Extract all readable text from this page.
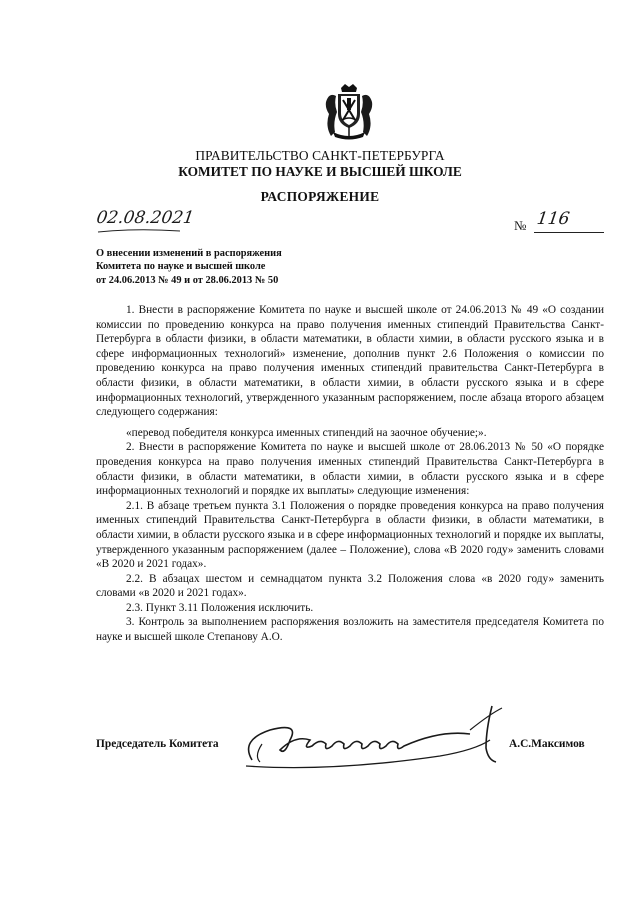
ПРАВИТЕЛЬСТВО САНКТ-ПЕТЕРБУРГА
КОМИТЕТ ПО НАУКЕ И ВЫСШЕЙ ШКОЛЕ
РАСПОРЯЖЕНИЕ
02.08.2021	№ 116
О внесении изменений в распоряжения
Комитета по науке и высшей школе
от 24.06.2013 № 49 и от 28.06.2013 № 50

1. Внести в распоряжение Комитета по науке и высшей школе от 24.06.2013 № 49 «О создании комиссии по проведению конкурса на право получения именных стипендий Правительства Санкт-Петербурга в области физики, в области математики, в области химии, в области русского языка и в сфере информационных технологий» изменение, дополнив пункт 2.6 Положения о комиссии по проведению конкурса на право получения именных стипендий правительства Санкт-Петербурга в области физики, в области математики, в области химии, в области русского языка и в сфере информационных технологий, утвержденного указанным распоряжением, после абзаца второго абзацем следующего содержания:

«перевод победителя конкурса именных стипендий на заочное обучение;».

2. Внести в распоряжение Комитета по науке и высшей школе от 28.06.2013 № 50 «О порядке проведения конкурса на право получения именных стипендий Правительства Санкт-Петербурга в области физики, в области математики, в области химии, в области русского языка и в сфере информационных технологий и порядке их выплаты» следующие изменения:

2.1. В абзаце третьем пункта 3.1 Положения о порядке проведения конкурса на право получения именных стипендий Правительства Санкт-Петербурга в области физики, в области математики, в области химии, в области русского языка и в сфере информационных технологий и порядке их выплаты, утвержденного указанным распоряжением (далее – Положение), слова «В 2020 году» заменить словами «В 2020 и 2021 годах».

2.2. В абзацах шестом и семнадцатом пункта 3.2 Положения слова «в 2020 году» заменить словами «в 2020 и 2021 годах».

2.3. Пункт 3.11 Положения исключить.

3. Контроль за выполнением распоряжения возложить на заместителя председателя Комитета по науке и высшей школе Степанову А.О.

Председатель Комитета	А.С.Максимов
